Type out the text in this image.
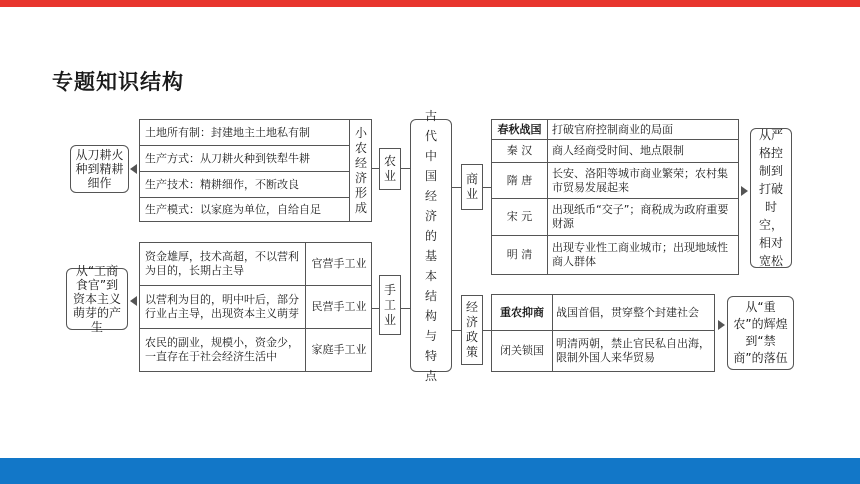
专题知识结构
从刀耕火种到精耕细作
土地所有制：封建地主土地私有制
生产方式：从刀耕火种到铁犁牛耕
生产技术：精耕细作，不断改良
生产模式：以家庭为单位，自给自足
小
农
经
济
形
成
农
业
从“工商食官”到资本主义萌芽的产生
资金雄厚，技术高超，不以营利为目的，长期占主导
官营手工业
以营利为目的，明中叶后，部分行业占主导，出现资本主义萌芽
民营手工业
农民的副业，规模小，资金少，一直存在于社会经济生活中
家庭手工业
手
工
业
古
代
中
国
经
济
的
基
本
结
构
与
特
点
商
业
春秋战国 打破官府控制商业的局面
秦 汉	商人经商受时间、地点限制
隋 唐
长安、洛阳等城市商业繁荣；农村集市贸易发展起来
宋 元
出现纸币“交子”；商税成为政府重要财源
明 清
出现专业性工商业城市；出现地域性商人群体
从严格控制到打破时空，相对宽松
经
济
政
策
重农抑商	战国首倡，贯穿整个封建社会
闭关锁国
明清两朝，禁止官民私自出海，限制外国人来华贸易
从“重农”的辉煌到“禁商”的落伍
